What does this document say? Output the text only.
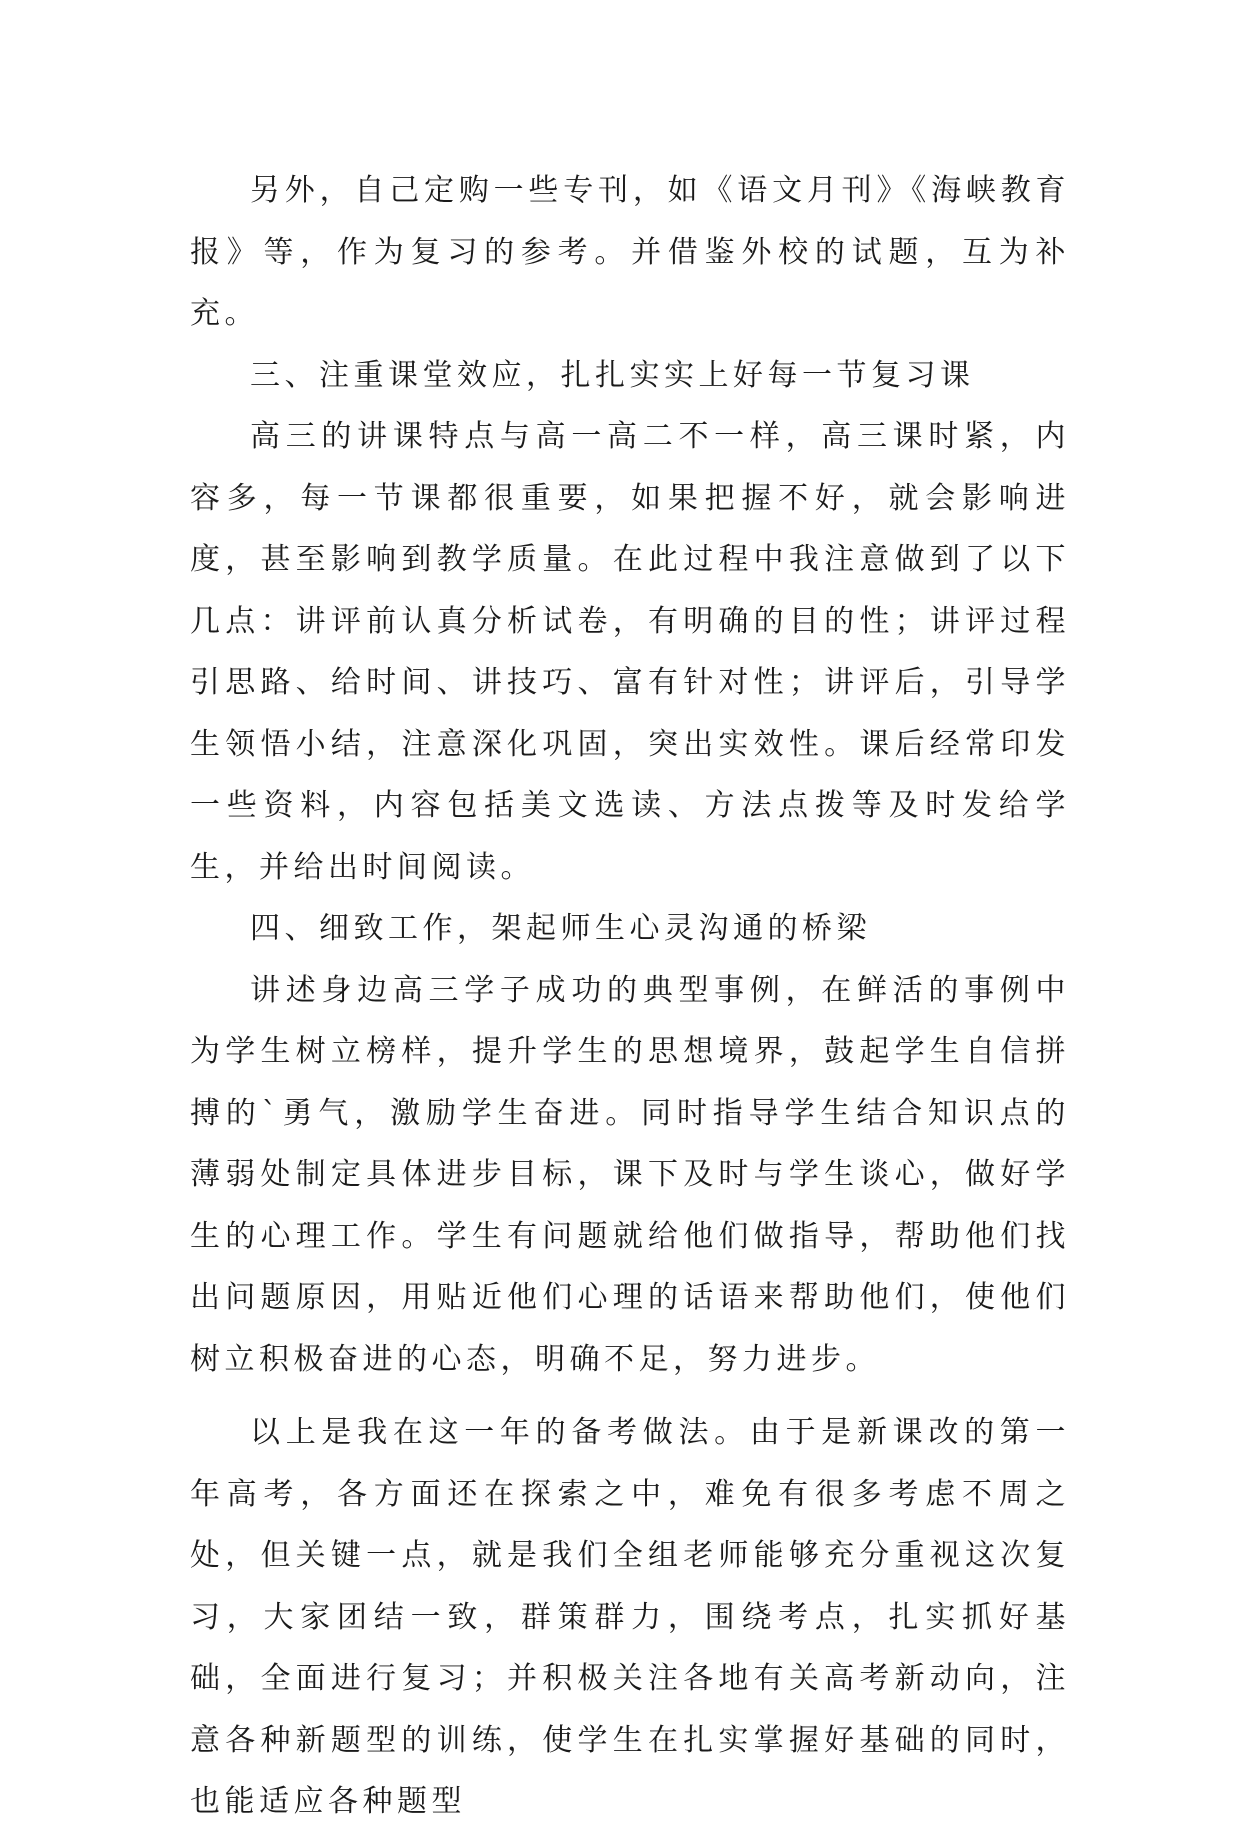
另外，自己定购一些专刊，如《语文月刊》《海峡教育报》等，作为复习的参考。并借鉴外校的试题，互为补充。

三、注重课堂效应，扎扎实实上好每一节复习课

高三的讲课特点与高一高二不一样，高三课时紧，内容多，每一节课都很重要，如果把握不好，就会影响进度，甚至影响到教学质量。在此过程中我注意做到了以下几点：讲评前认真分析试卷，有明确的目的性；讲评过程引思路、给时间、讲技巧、富有针对性；讲评后，引导学生领悟小结，注意深化巩固，突出实效性。课后经常印发一些资料，内容包括美文选读、方法点拨等及时发给学生，并给出时间阅读。

四、细致工作，架起师生心灵沟通的桥梁

讲述身边高三学子成功的典型事例，在鲜活的事例中为学生树立榜样，提升学生的思想境界，鼓起学生自信拼搏的`勇气，激励学生奋进。同时指导学生结合知识点的薄弱处制定具体进步目标，课下及时与学生谈心，做好学生的心理工作。学生有问题就给他们做指导，帮助他们找出问题原因，用贴近他们心理的话语来帮助他们，使他们树立积极奋进的心态，明确不足，努力进步。

以上是我在这一年的备考做法。由于是新课改的第一年高考，各方面还在探索之中，难免有很多考虑不周之处，但关键一点，就是我们全组老师能够充分重视这次复习，大家团结一致，群策群力，围绕考点，扎实抓好基础，全面进行复习；并积极关注各地有关高考新动向，注意各种新题型的训练，使学生在扎实掌握好基础的同时，也能适应各种题型
